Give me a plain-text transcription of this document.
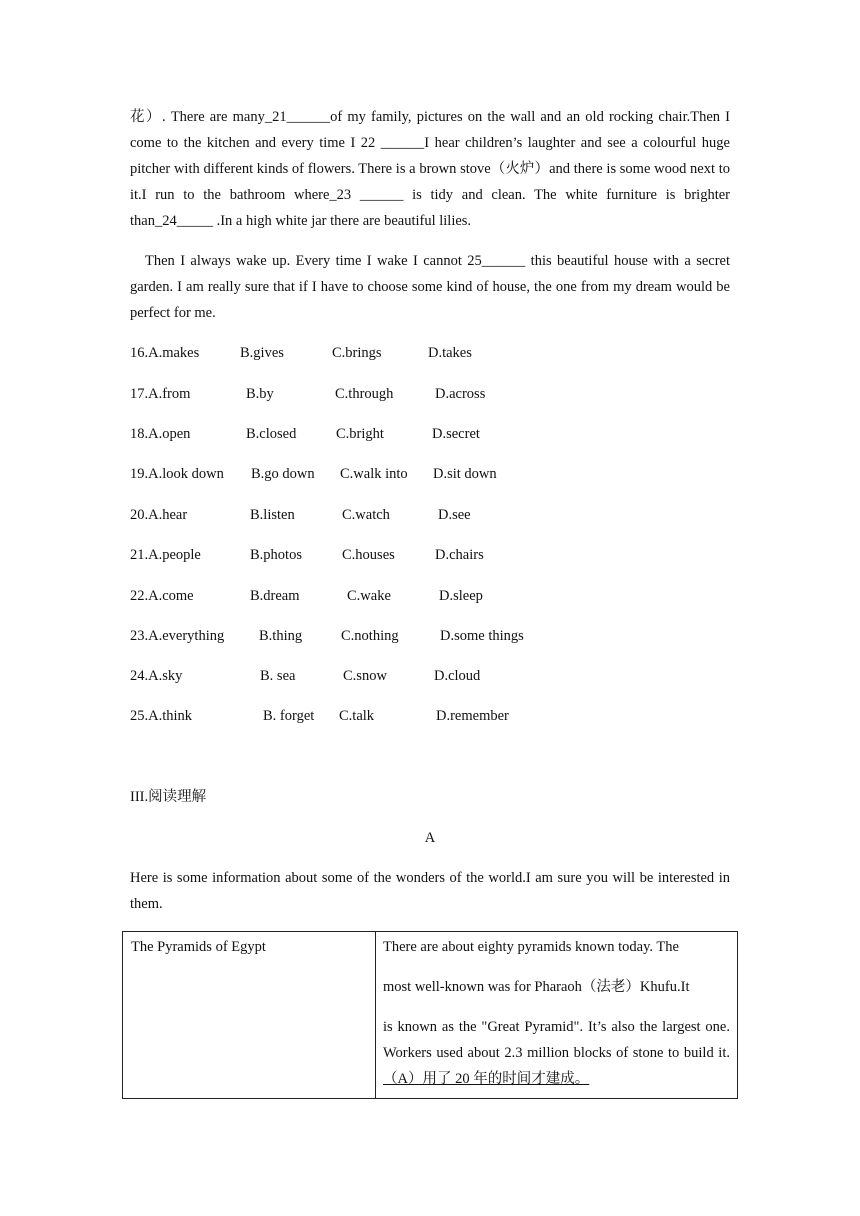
花）. There are many_21______of my family, pictures on the wall and an old rocking chair.Then I come to the kitchen and every time I 22 ______I hear children’s laughter and see a colourful huge pitcher with different kinds of flowers. There is a brown stove（火炉）and there is some wood next to it.I run to the bathroom where_23 ______ is tidy and clean. The white furniture is brighter than_24_____ .In a high white jar there are beautiful lilies.

Then I always wake up. Every time I wake I cannot 25______ this beautiful house with a secret garden. I am really sure that if I have to choose some kind of house, the one from my dream would be perfect for me.

16.A.makes	B.gives	C.brings	D.takes
17.A.from	B.by	C.through	D.across
18.A.open	B.closed	C.bright	D.secret
19.A.look down B.go down C.walk into D.sit down
20.A.hear	B.listen	C.watch	D.see
21.A.people	B.photos	C.houses	D.chairs
22.A.come	B.dream	C.wake	D.sleep
23.A.everything B.thing	C.nothing	D.some things
24.A.sky	B. sea	C.snow	D.cloud
25.A.think	B. forget C.talk	D.remember
III.阅读理解
A

Here is some information about some of the wonders of the world.I am sure you will be interested in them.

The Pyramids of Egypt	There are about eighty pyramids known today. The
most well-known was for Pharaoh（法老）Khufu.It
is known as the "Great Pyramid". It’s also the largest one. Workers used about 2.3 million blocks of stone to build it.（A）用了 20 年的时间才建成。
